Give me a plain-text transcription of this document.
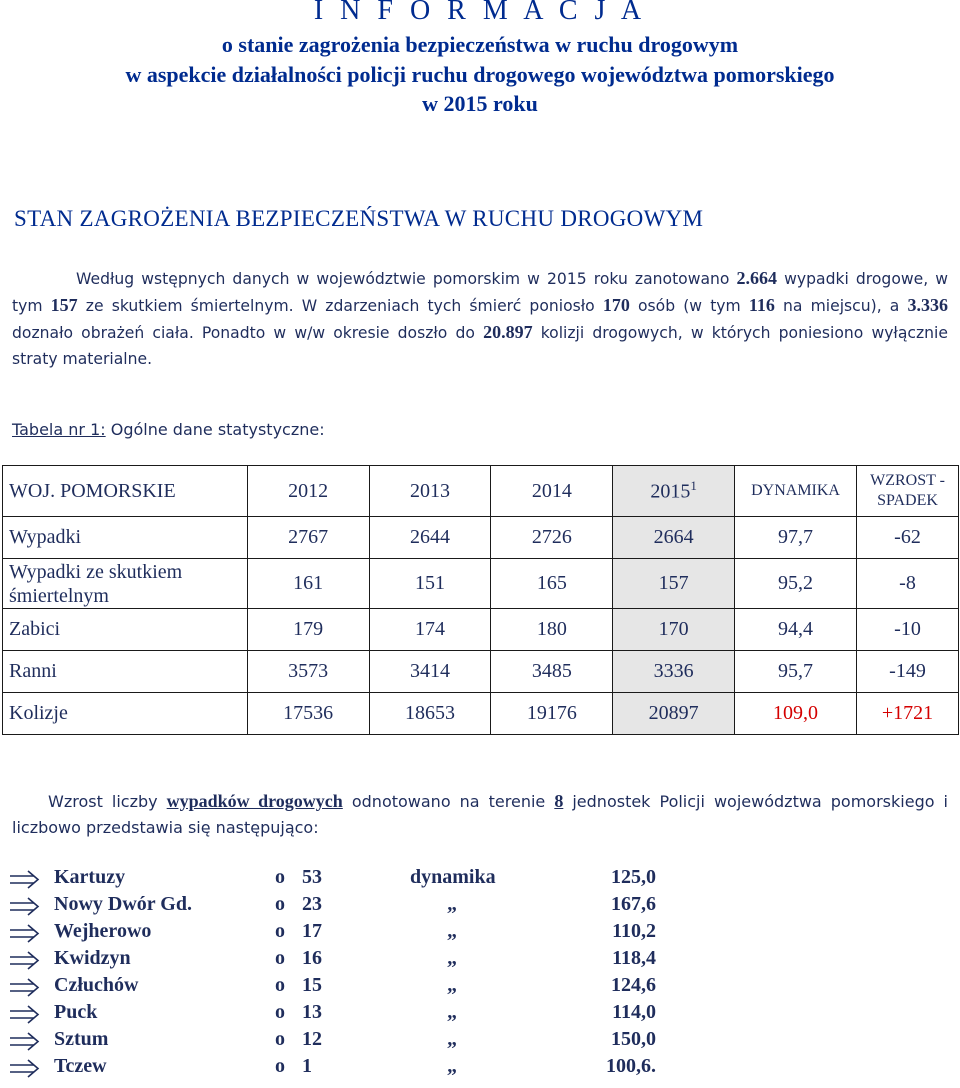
I N F O R M A C J A
o stanie zagrożenia bezpieczeństwa w ruchu drogowym
w aspekcie działalności policji ruchu drogowego województwa pomorskiego
w 2015 roku
STAN ZAGROŻENIA BEZPIECZEŃSTWA W RUCHU DROGOWYM
Według wstępnych danych w województwie pomorskim w 2015 roku zanotowano 2.664 wypadki drogowe, w tym 157 ze skutkiem śmiertelnym. W zdarzeniach tych śmierć poniosło 170 osób (w tym 116 na miejscu), a 3.336 doznało obrażeń ciała. Ponadto w w/w okresie doszło do 20.897 kolizji drogowych, w których poniesiono wyłącznie straty materialne.
Tabela nr 1: Ogólne dane statystyczne:
WOJ. POMORSKIE	2012	2013	2014	2015$^1$	DYNAMIKA	WZROST -
SPADEK

Wypadki	2767	2644	2726	2664	97,7	-62
Wypadki ze skutkiem śmiertelnym	161	151	165	157	95,2	-8
Zabici	179	174	180	170	94,4	-10
Ranni	3573	3414	3485	3336	95,7	-149
Kolizje	17536	18653	19176	20897	109,0	+1721
Wzrost liczby wypadków drogowych odnotowano na terenie 8 jednostek Policji województwa pomorskiego i liczbowo przedstawia się następująco:
Kartuzy	o 53	dynamika	125,0
Nowy Dwór Gd.	o 23	„	167,6
Wejherowo	o 17	„	110,2
Kwidzyn	o 16	„	118,4
Człuchów	o 15	„	124,6
Puck	o 13	„	114,0
Sztum	o 12	„	150,0
Tczew	o 1	„	100,6.
